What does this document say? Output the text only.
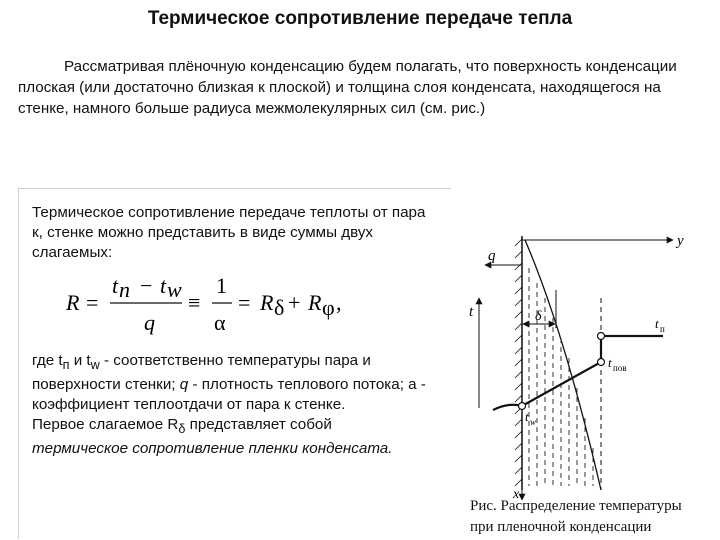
Термическое сопротивление передаче тепла
Рассматривая плёночную конденсацию будем полагать, что поверхность конденсации плоская (или достаточно близкая к плоской) и толщина слоя конденсата, находящегося на стенке, намного больше радиуса межмолекулярных сил (см. рис.)
Термическое сопротивление передаче теплоты от пара к, стенке можно представить в виде суммы двух слагаемых:
R =
t п − t w
q
≡
1
α
= R δ + R φ ,
где $t_п$ и $t_w$ - соответственно температуры пара и поверхности стенки; q - плотность теплового потока; a - коэффициент теплоотдачи от пара к стенке.
Первое слагаемое $R_\delta$ представляет собой
термическое сопротивление пленки конденсата.
y
x
q
t	δ	t п
t пов
t w
Рис. Распределение температуры
при пленочной конденсации
